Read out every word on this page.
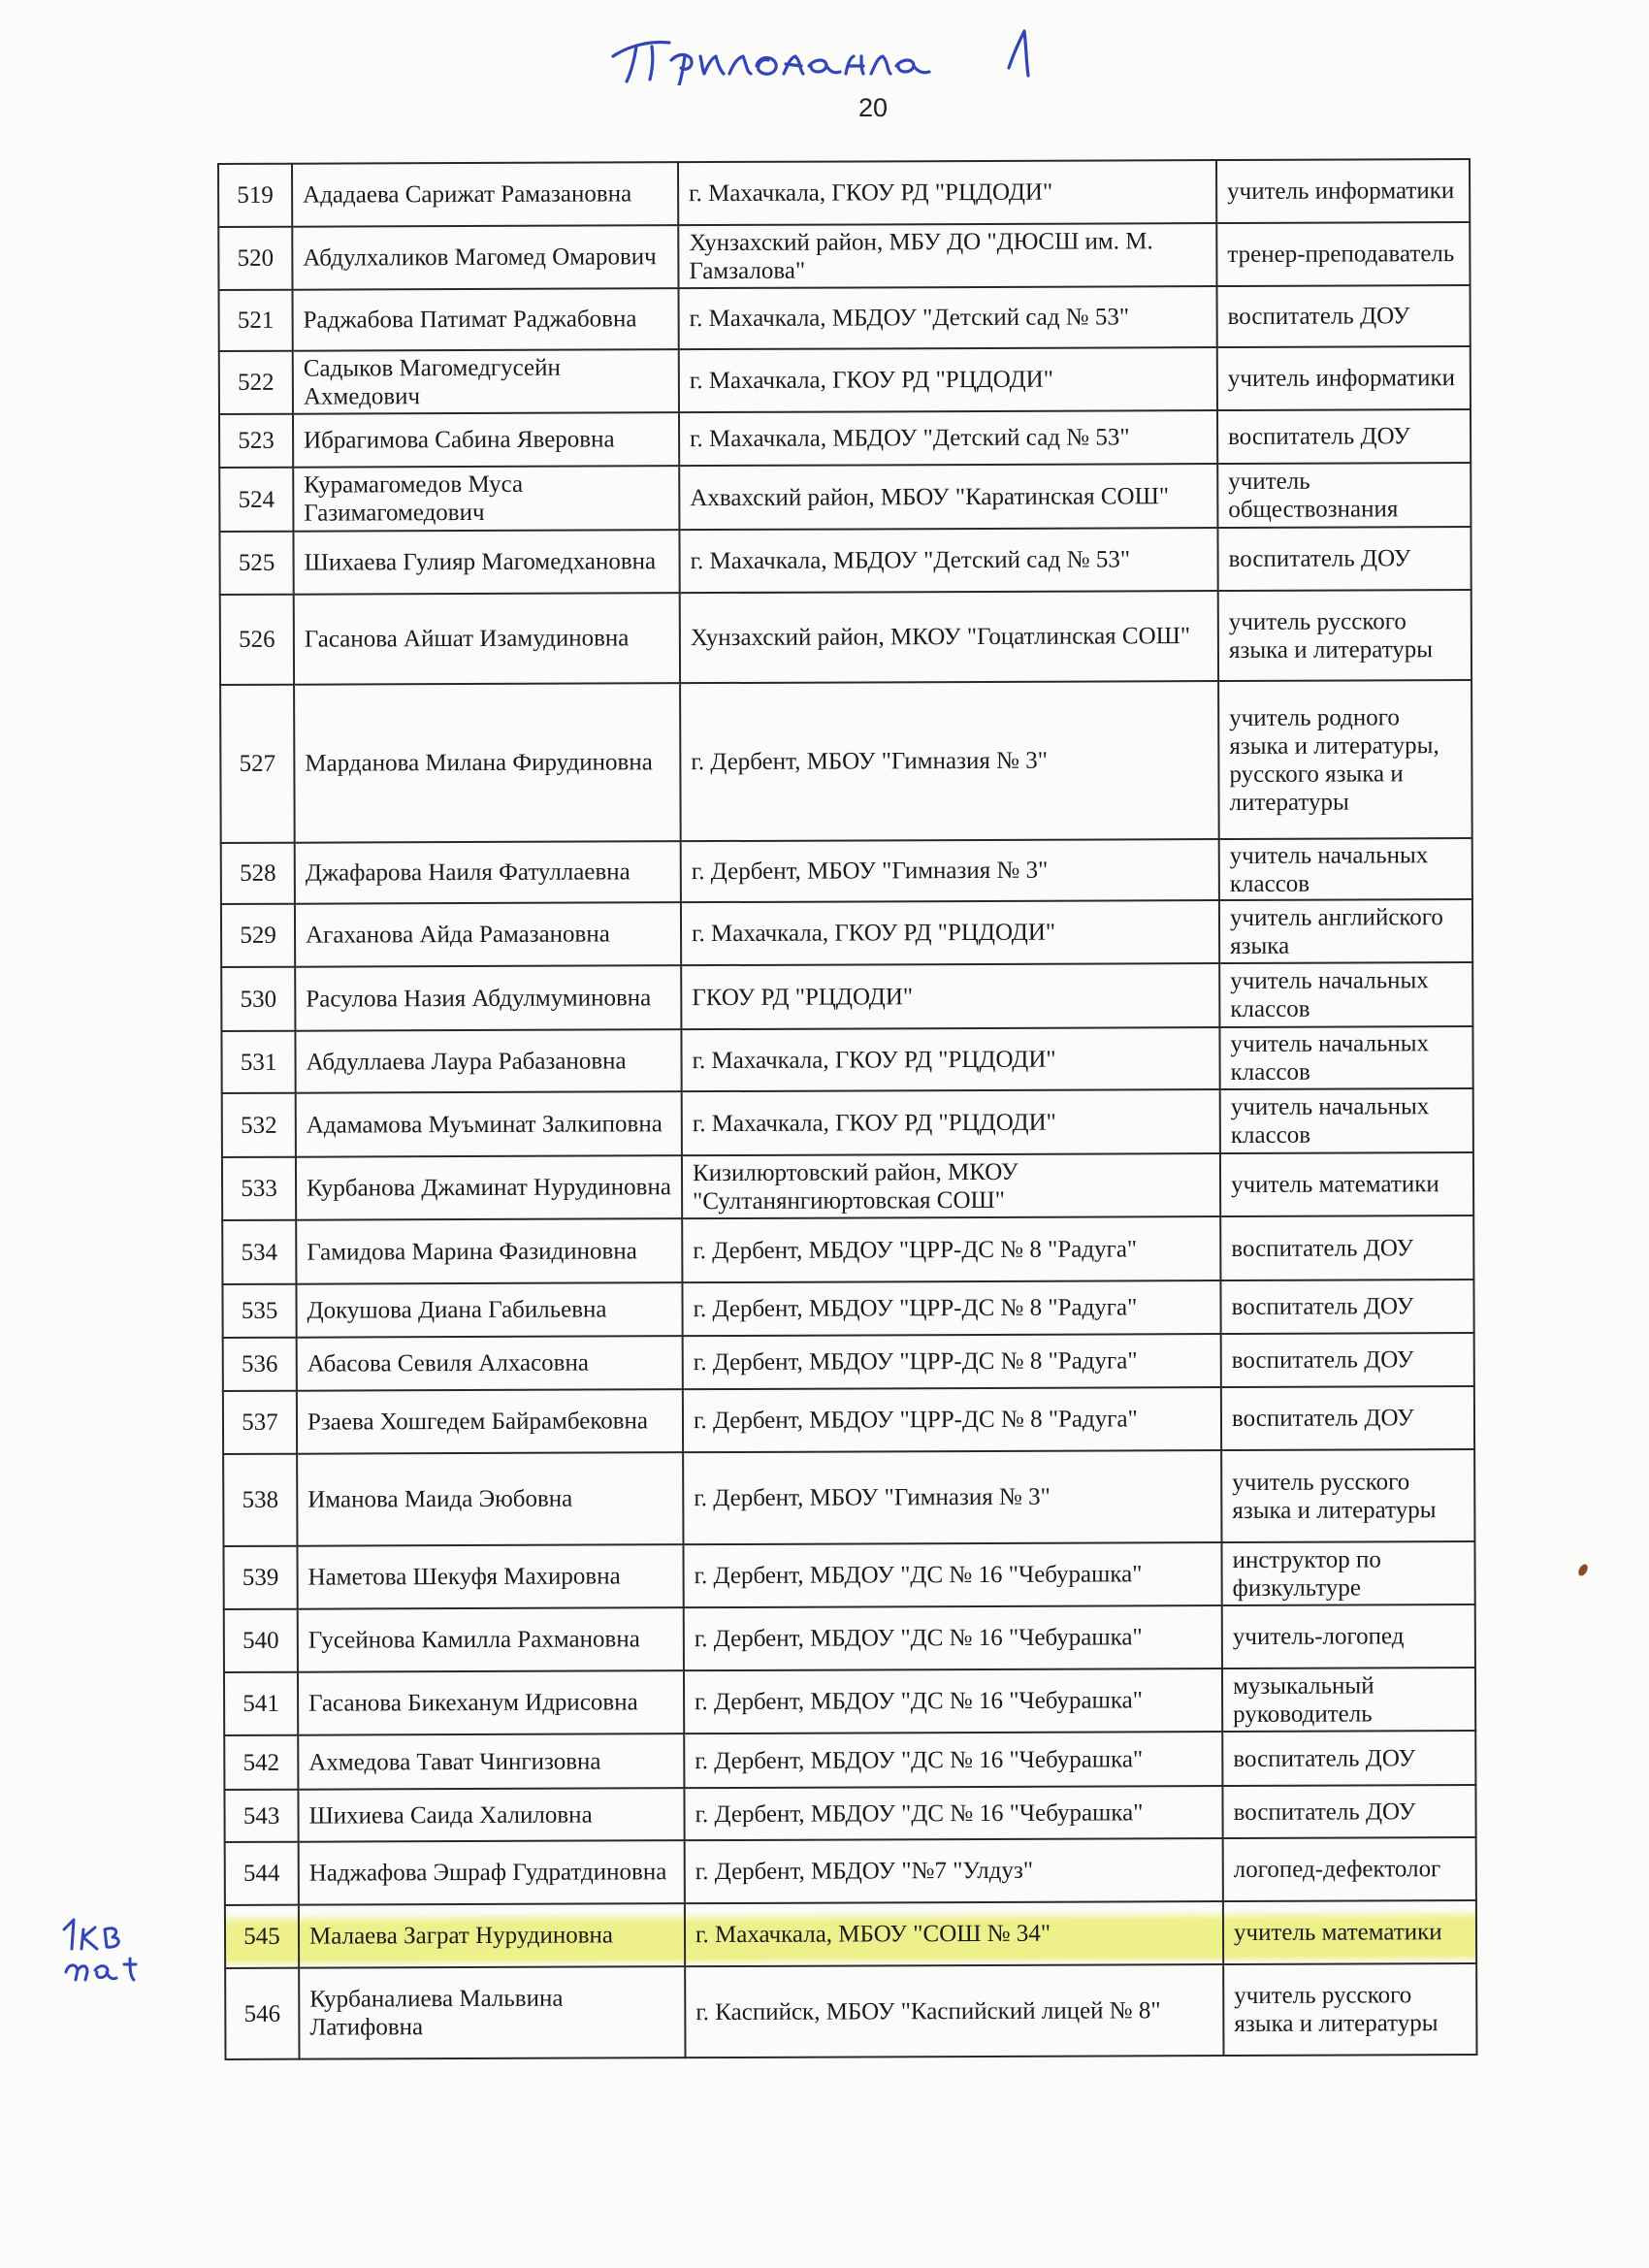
20
519	Ададаева Сарижат Рамазановна	г. Махачкала, ГКОУ РД "РЦДОДИ"	учитель информатики
520	Абдулхаликов Магомед Омарович	Хунзахский район, МБУ ДО "ДЮСШ им. М. Гамзалова"	тренер-преподаватель
521	Раджабова Патимат Раджабовна	г. Махачкала, МБДОУ "Детский сад № 53"	воспитатель ДОУ
522	Садыков Магомедгусейн Ахмедович	г. Махачкала, ГКОУ РД "РЦДОДИ"	учитель информатики
523	Ибрагимова Сабина Яверовна	г. Махачкала, МБДОУ "Детский сад № 53"	воспитатель ДОУ
524	Курамагомедов Муса Газимагомедович	Ахвахский район, МБОУ "Каратинская СОШ"	учитель обществознания
525	Шихаева Гулияр Магомедхановна	г. Махачкала, МБДОУ "Детский сад № 53"	воспитатель ДОУ
526	Гасанова Айшат Изамудиновна	Хунзахский район, МКОУ "Гоцатлинская СОШ"	учитель русского языка и литературы
527	Марданова Милана Фирудиновна	г. Дербент, МБОУ "Гимназия № 3"	учитель родного языка и литературы, русского языка и литературы
528	Джафарова Наиля Фатуллаевна	г. Дербент, МБОУ "Гимназия № 3"	учитель начальных классов
529	Агаханова Айда Рамазановна	г. Махачкала, ГКОУ РД "РЦДОДИ"	учитель английского языка
530	Расулова Назия Абдулмуминовна	ГКОУ РД "РЦДОДИ"	учитель начальных классов
531	Абдуллаева Лаура Рабазановна	г. Махачкала, ГКОУ РД "РЦДОДИ"	учитель начальных классов
532	Адамамова Муъминат Залкиповна	г. Махачкала, ГКОУ РД "РЦДОДИ"	учитель начальных классов
533	Курбанова Джаминат Нурудиновна	Кизилюртовский район, МКОУ "Султанянгиюртовская СОШ"	учитель математики
534	Гамидова Марина Фазидиновна	г. Дербент, МБДОУ "ЦРР-ДС № 8 "Радуга"	воспитатель ДОУ
535	Докушова Диана Габильевна	г. Дербент, МБДОУ "ЦРР-ДС № 8 "Радуга"	воспитатель ДОУ
536	Абасова Севиля Алхасовна	г. Дербент, МБДОУ "ЦРР-ДС № 8 "Радуга"	воспитатель ДОУ
537	Рзаева Хошгедем Байрамбековна	г. Дербент, МБДОУ "ЦРР-ДС № 8 "Радуга"	воспитатель ДОУ
538	Иманова Маида Эюбовна	г. Дербент, МБОУ "Гимназия № 3"	учитель русского языка и литературы
539	Наметова Шекуфя Махировна	г. Дербент, МБДОУ "ДС № 16 "Чебурашка"	инструктор по физкультуре
540	Гусейнова Камилла Рахмановна	г. Дербент, МБДОУ "ДС № 16 "Чебурашка"	учитель-логопед
541	Гасанова Бикеханум Идрисовна	г. Дербент, МБДОУ "ДС № 16 "Чебурашка"	музыкальный руководитель
542	Ахмедова Тават Чингизовна	г. Дербент, МБДОУ "ДС № 16 "Чебурашка"	воспитатель ДОУ
543	Шихиева Саида Халиловна	г. Дербент, МБДОУ "ДС № 16 "Чебурашка"	воспитатель ДОУ
544	Наджафова Эшраф Гудратдиновна	г. Дербент, МБДОУ "№7 "Улдуз"	логопед-дефектолог
545	Малаева Заграт Нурудиновна	г. Махачкала, МБОУ "СОШ № 34"	учитель математики
546	Курбаналиева Мальвина Латифовна	г. Каспийск, МБОУ "Каспийский лицей № 8"	учитель русского языка и литературы
